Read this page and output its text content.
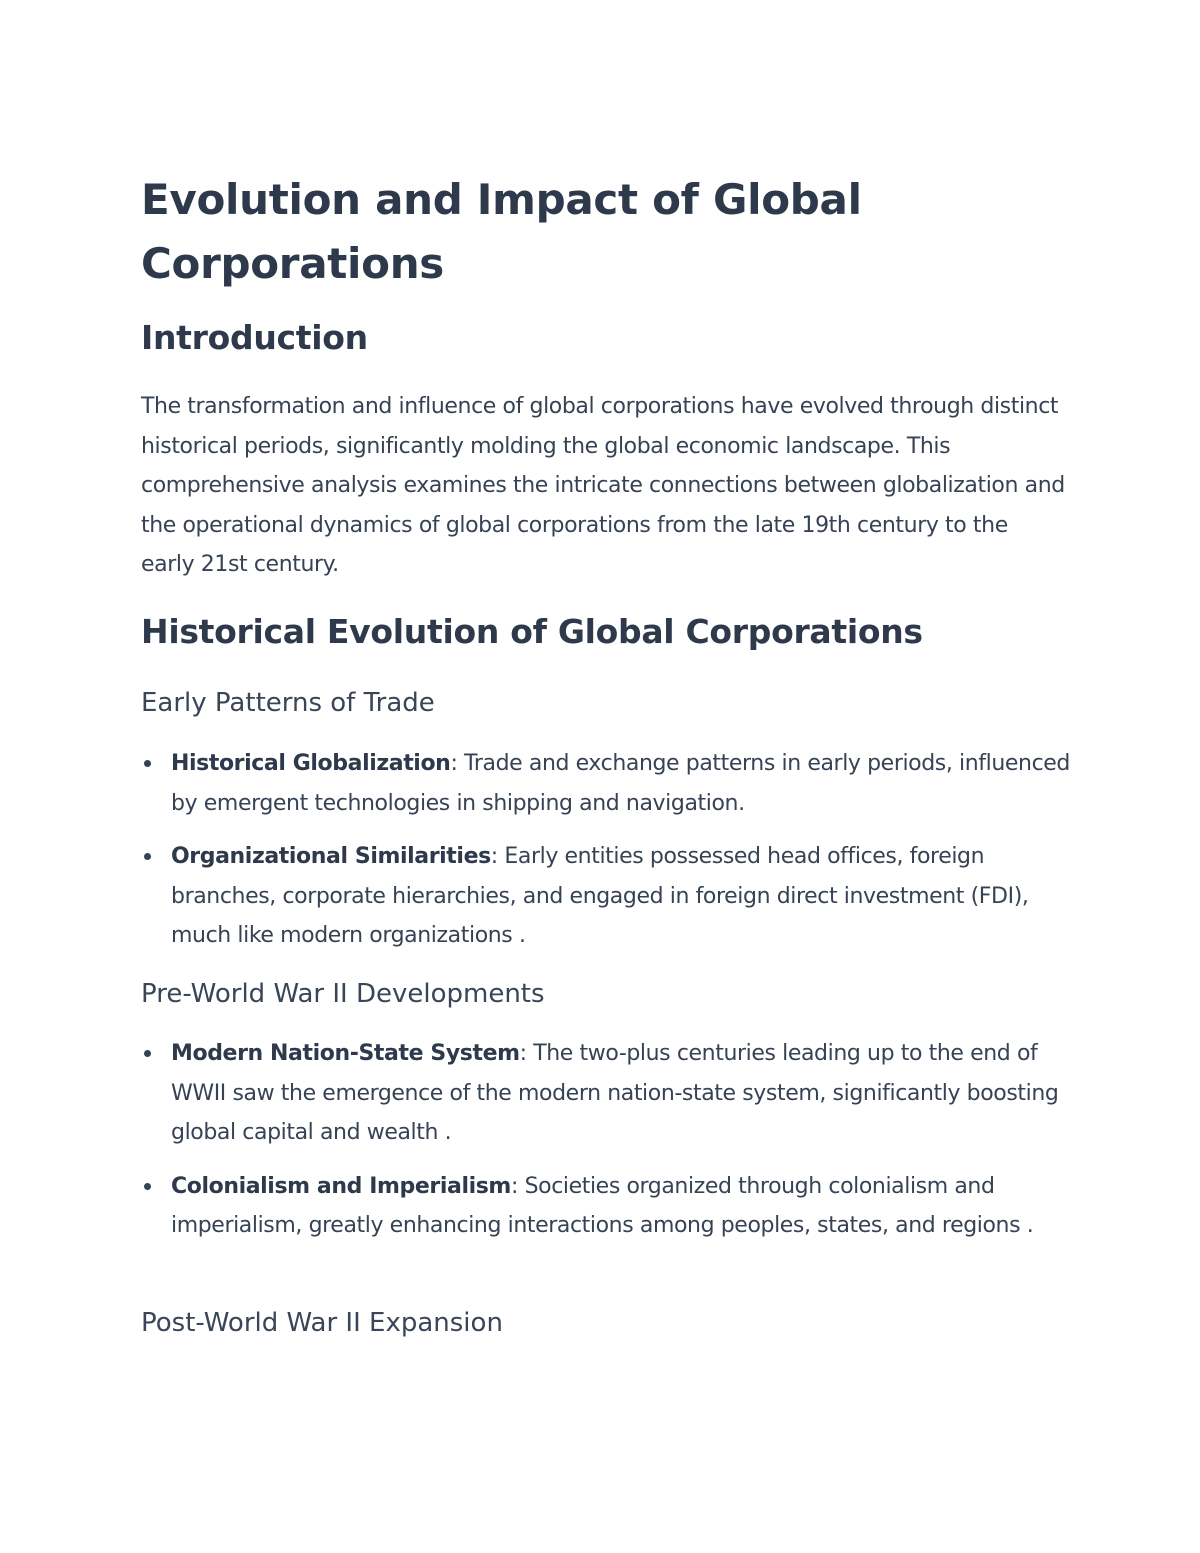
Evolution and Impact of Global Corporations
Introduction

The transformation and influence of global corporations have evolved through distinct historical periods, significantly molding the global economic landscape. This comprehensive analysis examines the intricate connections between globalization and the operational dynamics of global corporations from the late 19th century to the early 21st century.

Historical Evolution of Global Corporations
Early Patterns of Trade
Historical Globalization: Trade and exchange patterns in early periods, influenced by emergent technologies in shipping and navigation.
Organizational Similarities: Early entities possessed head offices, foreign branches, corporate hierarchies, and engaged in foreign direct investment (FDI), much like modern organizations .
Pre-World War II Developments
Modern Nation-State System: The two-plus centuries leading up to the end of WWII saw the emergence of the modern nation-state system, significantly boosting global capital and wealth .
Colonialism and Imperialism: Societies organized through colonialism and imperialism, greatly enhancing interactions among peoples, states, and regions .
Post-World War II Expansion
